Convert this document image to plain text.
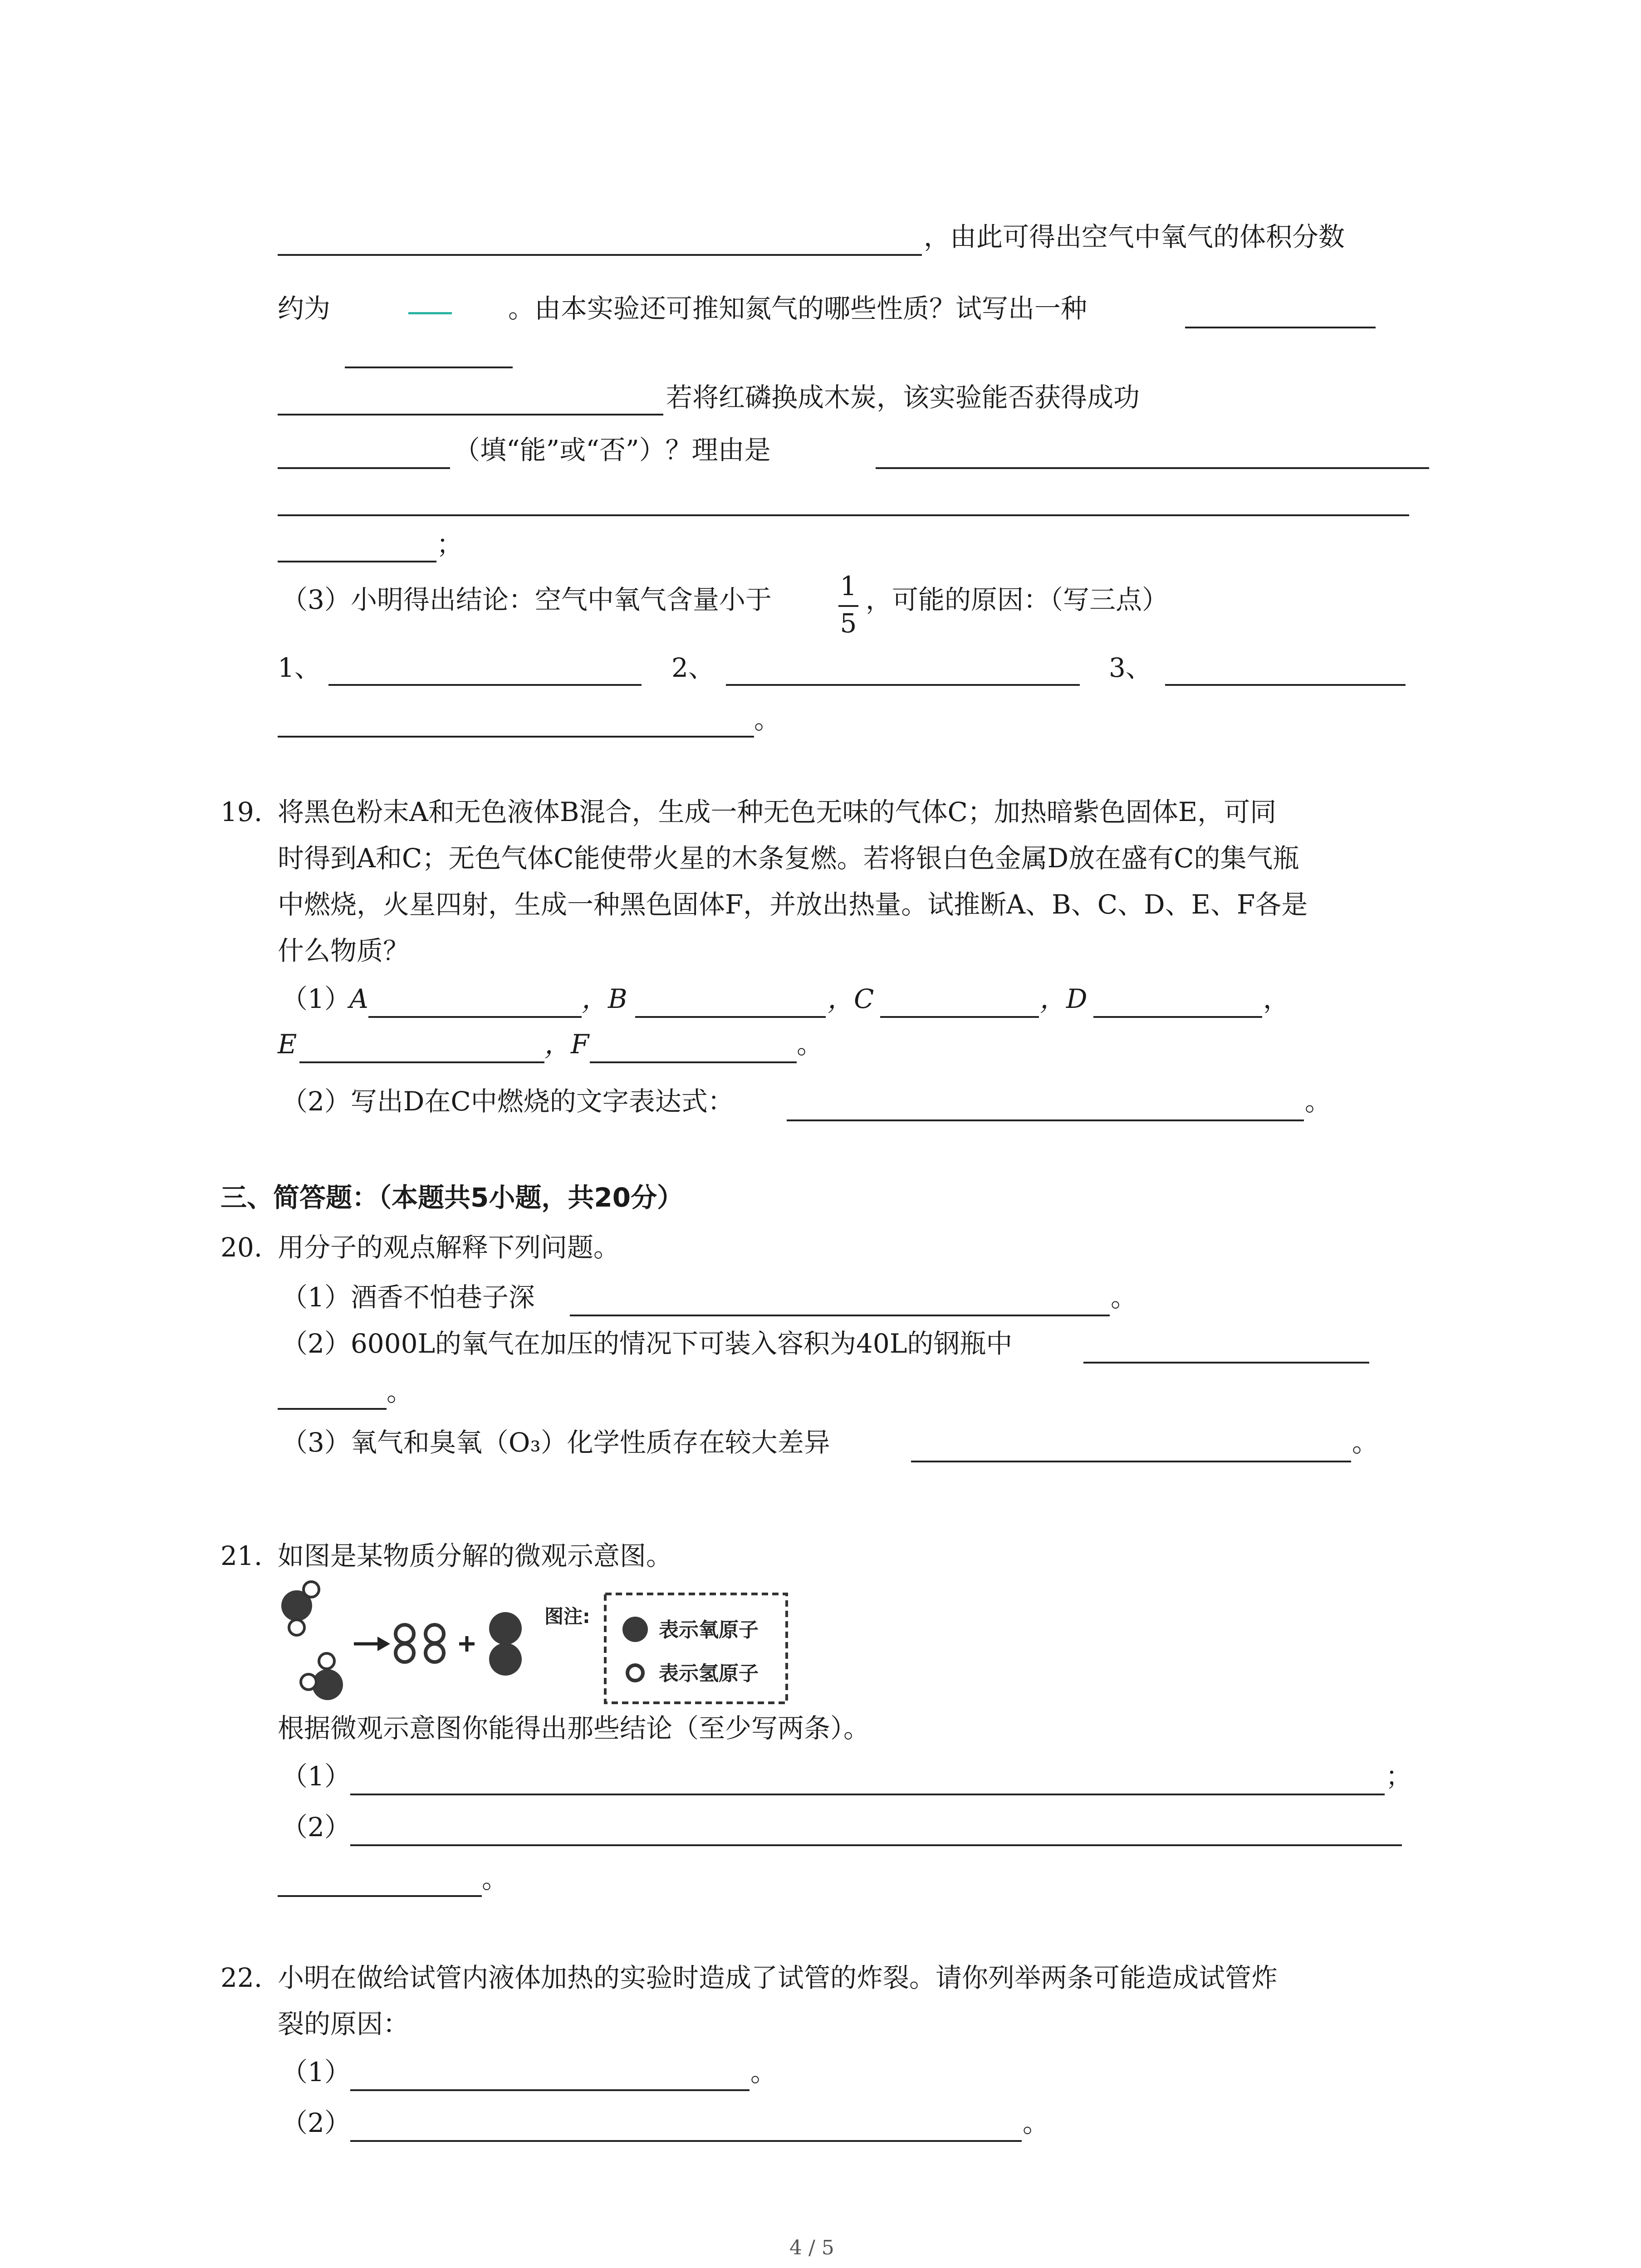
，由此可得出空气中氧气的体积分数
约为	。由本实验还可推知氮气的哪些性质？试写出一种
若将红磷换成木炭，该实验能否获得成功
（填“能”或“否”）？理由是
；
（3）小明得出结论：空气中氧气含量小于	1
5
，可能的原因：（写三点）
1、	2、	3、
。
19. 将黑色粉末A和无色液体B混合，生成一种无色无味的气体C；加热暗紫色固体E，可同
时得到A和C；无色气体C能使带火星的木条复燃。若将银白色金属D放在盛有C的集气瓶
中燃烧，火星四射，生成一种黑色固体F，并放出热量。试推断A、B、C、D、E、F各是
什么物质？
（1）
A	，B	，C	，D	，
E	，F	。
（2）写出D在C中燃烧的文字表达式：	。
三、简答题：（本题共5小题，共20分）
20. 用分子的观点解释下列问题。
（1）酒香不怕巷子深	。
（2）6000L的氧气在加压的情况下可装入容积为40L的钢瓶中
。
（3）氧气和臭氧（O₃）化学性质存在较大差异	。
21. 如图是某物质分解的微观示意图。
图注:
表示氧原子
表示氢原子
根据微观示意图你能得出那些结论（至少写两条）。
（1）	；
（2）
。
22. 小明在做给试管内液体加热的实验时造成了试管的炸裂。请你列举两条可能造成试管炸
裂的原因：
（1）	。
（2）	。
4 / 5
